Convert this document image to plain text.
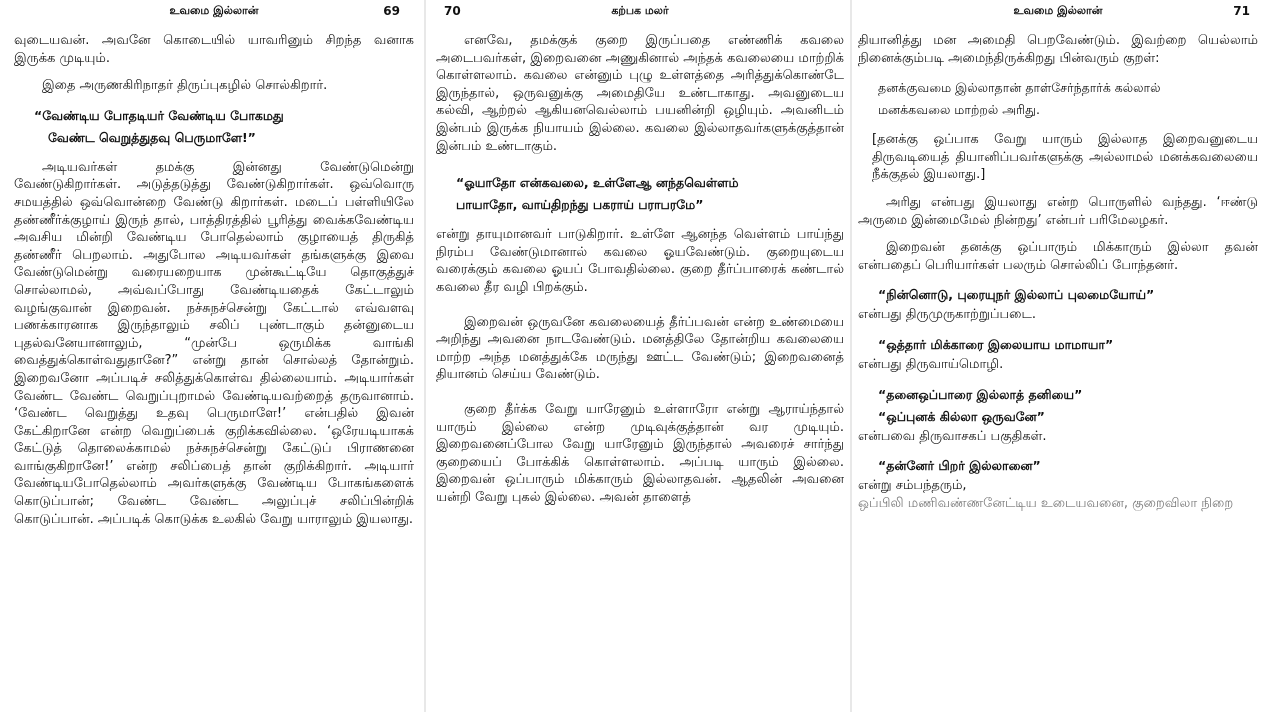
உவமை இல்லான்	69

வுடையவன். அவனே கொடையில் யாவரினும் சிறந்த வனாக இருக்க முடியும்.

இதை அருணகிரிநாதர் திருப்புகழில் சொல்கிறார்.

“வேண்டிய போதடியர் வேண்டிய போகமது
வேண்ட வெறுத்துதவு பெருமாளே!”

அடியவர்கள் தமக்கு இன்னது வேண்டுமென்று வேண்டுகிறார்கள். அடுத்தடுத்து வேண்டுகிறார்கள். ஒவ்வொரு சமயத்தில் ஒவ்வொன்றை வேண்டு கிறார்கள். மடைப் பள்ளியிலே தண்ணீர்க்குழாய் இருந் தால், பாத்திரத்தில் பூரித்து வைக்கவேண்டிய அவசிய மின்றி வேண்டிய போதெல்லாம் குழாயைத் திருகித் தண்ணீர் பெறலாம். அதுபோல அடியவர்கள் தங்களுக்கு இவை வேண்டுமென்று வரையறையாக முன்கூட்டியே தொகுத்துச் சொல்லாமல், அவ்வப்போது வேண்டியதைக் கேட்டாலும் வழங்குவான் இறைவன். நச்சுநச்சென்று கேட்டால் எவ்வளவு பணக்காரனாக இருந்தாலும் சலிப் புண்டாகும் தன்னுடைய புதல்வனேயானாலும், “முன்பே ஒருமிக்க வாங்கி வைத்துக்கொள்வதுதானே?” என்று தான் சொல்லத் தோன்றும். இறைவனோ அப்படிச் சலித்துக்கொள்வ தில்லையாம். அடியார்கள் வேண்ட வேண்ட வெறுப்புறாமல் வேண்டியவற்றைத் தருவானாம். ‘வேண்ட வெறுத்து உதவு பெருமாளே!’ என்பதில் இவன் கேட்கிறானே என்ற வெறுப்பைக் குறிக்கவில்லை. ‘ஒரேயடியாகக் கேட்டுத் தொலைக்காமல் நச்சுநச்சென்று கேட்டுப் பிராணனை வாங்குகிறானே!’ என்ற சலிப்பைத் தான் குறிக்கிறார். அடியார் வேண்டியபோதெல்லாம் அவர்களுக்கு வேண்டிய போகங்களைக் கொடுப்பான்; வேண்ட வேண்ட அலுப்புச் சலிப்பின்றிக் கொடுப்பான். அப்படிக் கொடுக்க உலகில் வேறு யாராலும் இயலாது.

70	கற்பக மலர்

எனவே, தமக்குக் குறை இருப்பதை எண்ணிக் கவலை அடைபவர்கள், இறைவனை அணுகினால் அந்தக் கவலையை மாற்றிக் கொள்ளலாம். கவலை என்னும் புழு உள்ளத்தை அரித்துக்கொண்டே இருந்தால், ஒருவனுக்கு அமைதியே உண்டாகாது. அவனுடைய கல்வி, ஆற்றல் ஆகியனவெல்லாம் பயனின்றி ஒழியும். அவனிடம் இன்பம் இருக்க நியாயம் இல்லை. கவலை இல்லாதவர்களுக்குத்தான் இன்பம் உண்டாகும்.

“ஓயாதோ என்கவலை, உள்ளேஆ னந்தவெள்ளம்
பாயாதோ, வாய்திறந்து பகராய் பராபரமே”

என்று தாயுமானவர் பாடுகிறார். உள்ளே ஆனந்த வெள்ளம் பாய்ந்து நிரம்ப வேண்டுமானால் கவலை ஓயவேண்டும். குறையுடைய வரைக்கும் கவலை ஓயப் போவதில்லை. குறை தீர்ப்பாரைக் கண்டால் கவலை தீர வழி பிறக்கும்.

இறைவன் ஒருவனே கவலையைத் தீர்ப்பவன் என்ற உண்மையை அறிந்து அவனை நாடவேண்டும். மனத்திலே தோன்றிய கவலையை மாற்ற அந்த மனத்துக்கே மருந்து ஊட்ட வேண்டும்; இறைவனைத் தியானம் செய்ய வேண்டும்.

குறை தீர்க்க வேறு யாரேனும் உள்ளாரோ என்று ஆராய்ந்தால் யாரும் இல்லை என்ற முடிவுக்குத்தான் வர முடியும். இறைவனைப்போல வேறு யாரேனும் இருந்தால் அவரைச் சார்ந்து குறையைப் போக்கிக் கொள்ளலாம். அப்படி யாரும் இல்லை. இறைவன் ஒப்பாரும் மிக்காரும் இல்லாதவன். ஆதலின் அவனை யன்றி வேறு புகல் இல்லை. அவன் தாளைத்

உவமை இல்லான்	71

தியானித்து மன அமைதி பெறவேண்டும். இவற்றை யெல்லாம் நினைக்கும்படி அமைந்திருக்கிறது பின்வரும் குறள்:

தனக்குவமை இல்லாதான் தாள்சேர்ந்தார்க் கல்லால்
மனக்கவலை மாற்றல் அரிது.

[தனக்கு ஒப்பாக வேறு யாரும் இல்லாத இறைவனுடைய திருவடியைத் தியானிப்பவர்களுக்கு அல்லாமல் மனக்கவலையை நீக்குதல் இயலாது.]

அரிது என்பது இயலாது என்ற பொருளில் வந்தது. ‘ஈண்டு அருமை இன்மைமேல் நின்றது’ என்பர் பரிமேலழகர்.

இறைவன் தனக்கு ஒப்பாரும் மிக்காரும் இல்லா தவன் என்பதைப் பெரியார்கள் பலரும் சொல்லிப் போந்தனர்.

“நின்னொடு, புரையுநர் இல்லாப் புலமையோய்”

என்பது திருமுருகாற்றுப்படை.

“ஒத்தார் மிக்காரை இலையாய மாமாயா”

என்பது திருவாய்மொழி.

“தனைஒப்பாரை இல்லாத் தனியை”
“ஒப்புனக் கில்லா ஒருவனே”

என்பவை திருவாசகப் பகுதிகள்.

“தன்னேர் பிறர் இல்லானை”

என்று சம்பந்தரும்,

ஒப்பிலி மணிவண்ணனேட்டிய உடையவனை, குறைவிலா நிறை
